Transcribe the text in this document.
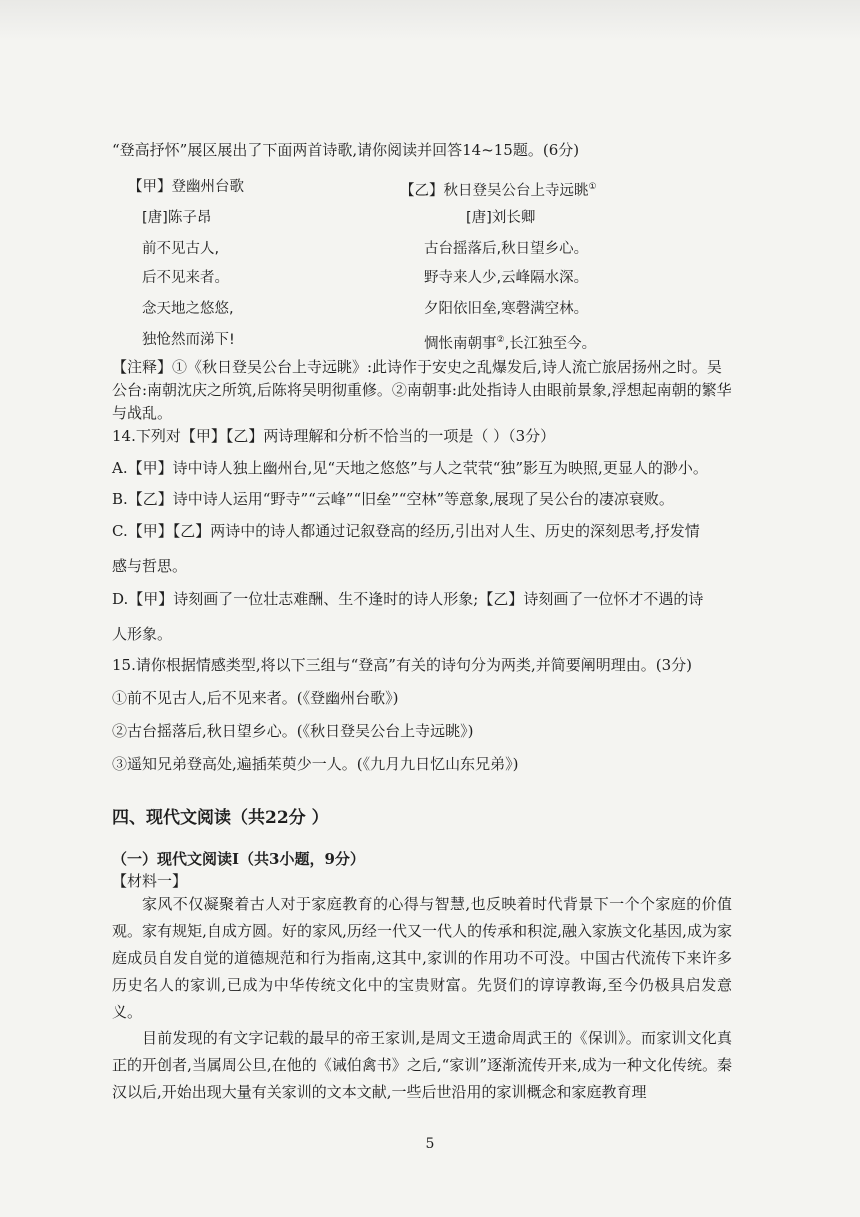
“登高抒怀”展区展出了下面两首诗歌,请你阅读并回答14~15题。(6分)
【甲】登幽州台歌
[唐]陈子昂
前不见古人,
后不见来者。
念天地之悠悠,
独怆然而涕下!
【乙】秋日登吴公台上寺远眺①
[唐]刘长卿
古台摇落后,秋日望乡心。
野寺来人少,云峰隔水深。
夕阳依旧垒,寒磬满空林。
惆怅南朝事②,长江独至今。
【注释】①《秋日登吴公台上寺远眺》:此诗作于安史之乱爆发后,诗人流亡旅居扬州之时。吴公台:南朝沈庆之所筑,后陈将吴明彻重修。②南朝事:此处指诗人由眼前景象,浮想起南朝的繁华与战乱。
14.下列对【甲】【乙】两诗理解和分析不恰当的一项是（ ）（3分）
A.【甲】诗中诗人独上幽州台,见“天地之悠悠”与人之茕茕“独”影互为映照,更显人的渺小。
B.【乙】诗中诗人运用“野寺”“云峰”“旧垒”“空林”等意象,展现了吴公台的凄凉衰败。
C.【甲】【乙】两诗中的诗人都通过记叙登高的经历,引出对人生、历史的深刻思考,抒发情
感与哲思。
D.【甲】诗刻画了一位壮志难酬、生不逢时的诗人形象;【乙】诗刻画了一位怀才不遇的诗
人形象。
15.请你根据情感类型,将以下三组与“登高”有关的诗句分为两类,并简要阐明理由。(3分)
①前不见古人,后不见来者。(《登幽州台歌》)
②古台摇落后,秋日望乡心。(《秋日登吴公台上寺远眺》)
③遥知兄弟登高处,遍插茱萸少一人。(《九月九日忆山东兄弟》)
四、现代文阅读（共22分 ）
（一）现代文阅读Ⅰ（共3小题，9分）
【材料一】
家风不仅凝聚着古人对于家庭教育的心得与智慧,也反映着时代背景下一个个家庭的价值观。家有规矩,自成方圆。好的家风,历经一代又一代人的传承和积淀,融入家族文化基因,成为家庭成员自发自觉的道德规范和行为指南,这其中,家训的作用功不可没。中国古代流传下来许多历史名人的家训,已成为中华传统文化中的宝贵财富。先贤们的谆谆教诲,至今仍极具启发意义。
目前发现的有文字记载的最早的帝王家训,是周文王遗命周武王的《保训》。而家训文化真正的开创者,当属周公旦,在他的《诫伯禽书》之后,“家训”逐渐流传开来,成为一种文化传统。秦汉以后,开始出现大量有关家训的文本文献,一些后世沿用的家训概念和家庭教育理
5
